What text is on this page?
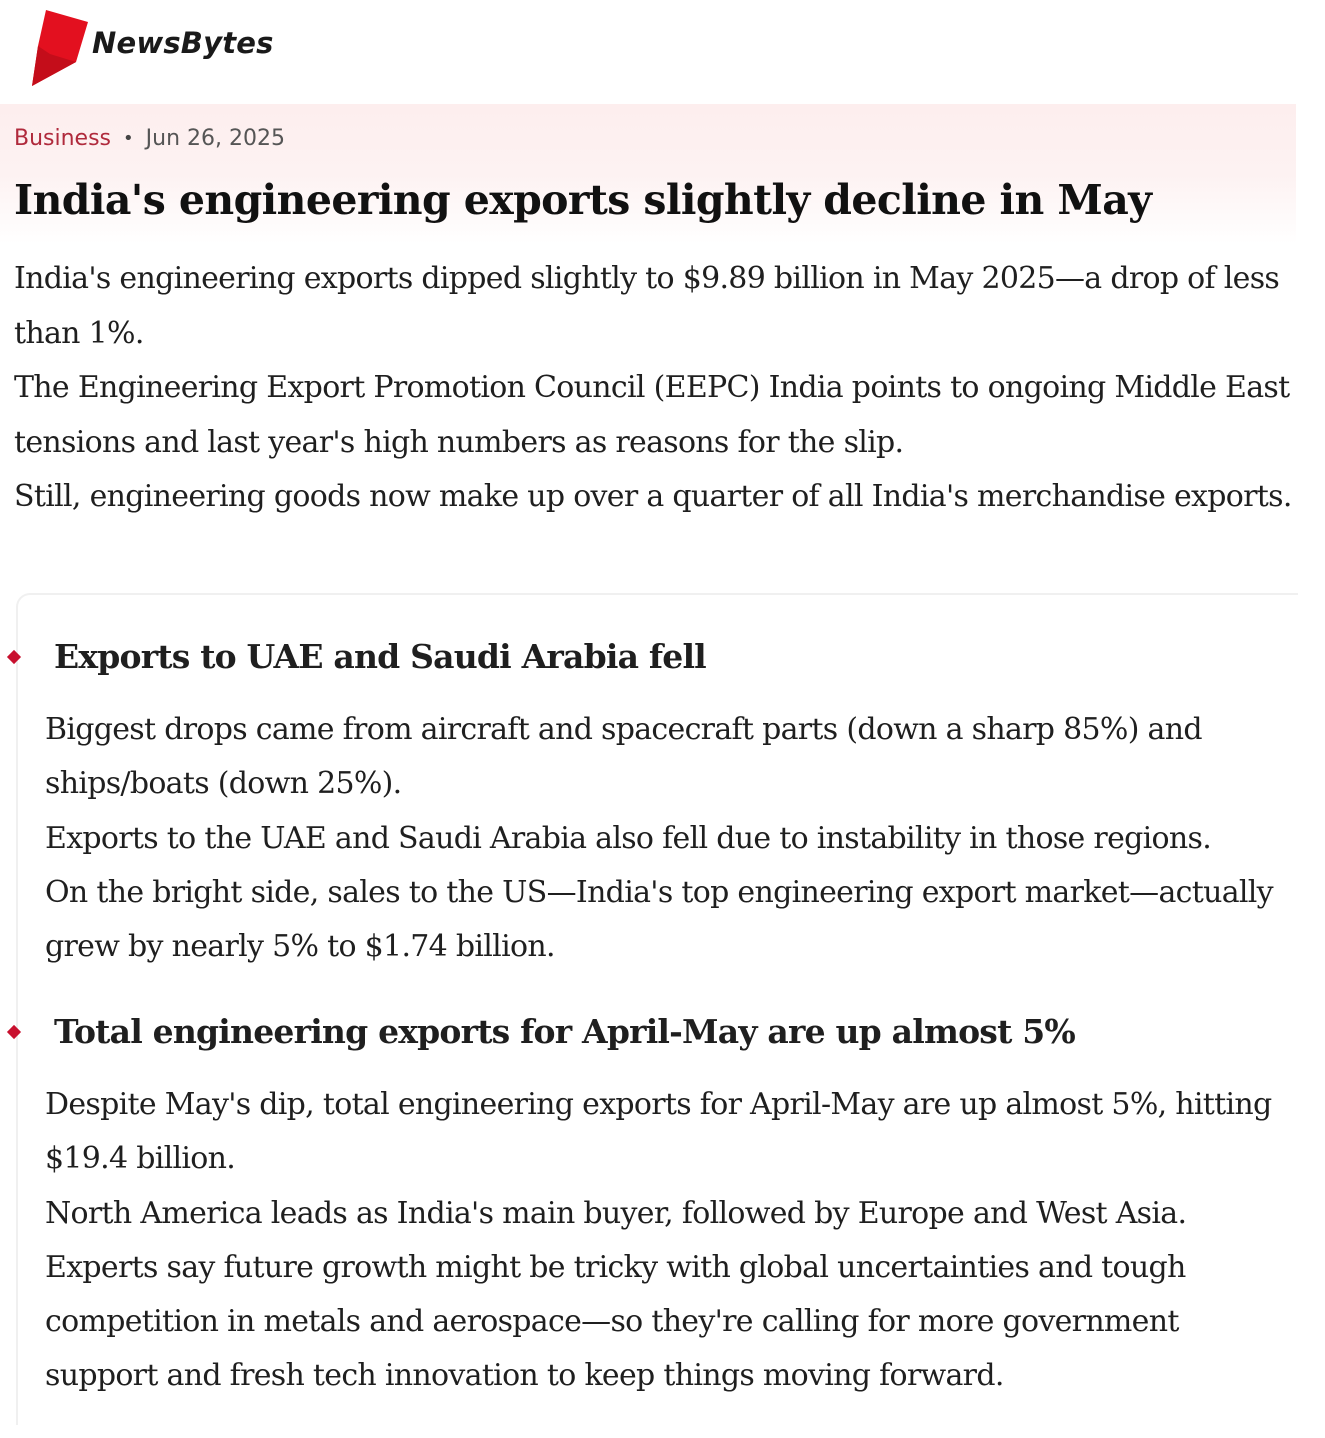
NewsBytes
Business • Jun 26, 2025
India's engineering exports slightly decline in May

India's engineering exports dipped slightly to $9.89 billion in May 2025—a drop of less than 1%.

The Engineering Export Promotion Council (EEPC) India points to ongoing Middle East tensions and last year's high numbers as reasons for the slip.

Still, engineering goods now make up over a quarter of all India's merchandise exports.

Exports to UAE and Saudi Arabia fell

Biggest drops came from aircraft and spacecraft parts (down a sharp 85%) and ships/boats (down 25%).

Exports to the UAE and Saudi Arabia also fell due to instability in those regions.

On the bright side, sales to the US—India's top engineering export market—actually grew by nearly 5% to $1.74 billion.

Total engineering exports for April-May are up almost 5%

Despite May's dip, total engineering exports for April-May are up almost 5%, hitting $19.4 billion.

North America leads as India's main buyer, followed by Europe and West Asia.

Experts say future growth might be tricky with global uncertainties and tough competition in metals and aerospace—so they're calling for more government support and fresh tech innovation to keep things moving forward.
